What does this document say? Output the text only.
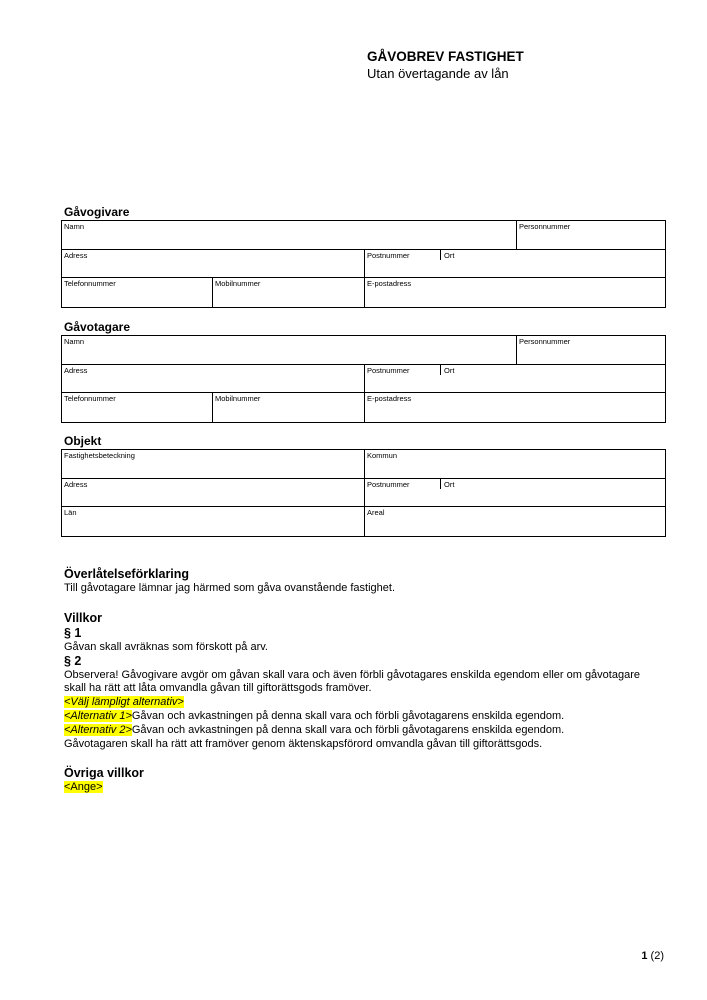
GÅVOBREV FASTIGHET
Utan övertagande av lån
Gåvogivare
Namn	Personnummer
Adress	Postnummer	Ort
Telefonnummer	Mobilnummer	E-postadress
Gåvotagare
Namn	Personnummer
Adress	Postnummer	Ort
Telefonnummer	Mobilnummer	E-postadress
Objekt
Fastighetsbeteckning	Kommun
Adress	Postnummer	Ort
Län	Areal
Överlåtelseförklaring
Till gåvotagare lämnar jag härmed som gåva ovanstående fastighet.
Villkor
§ 1
Gåvan skall avräknas som förskott på arv.
§ 2
Observera! Gåvogivare avgör om gåvan skall vara och även förbli gåvotagares enskilda egendom eller om gåvotagare skall ha rätt att låta omvandla gåvan till giftorättsgods framöver.
<Välj lämpligt alternativ>
<Alternativ 1>Gåvan och avkastningen på denna skall vara och förbli gåvotagarens enskilda egendom.
<Alternativ 2>Gåvan och avkastningen på denna skall vara och förbli gåvotagarens enskilda egendom.
Gåvotagaren skall ha rätt att framöver genom äktenskapsförord omvandla gåvan till giftorättsgods.
Övriga villkor
<Ange>
1 (2)
